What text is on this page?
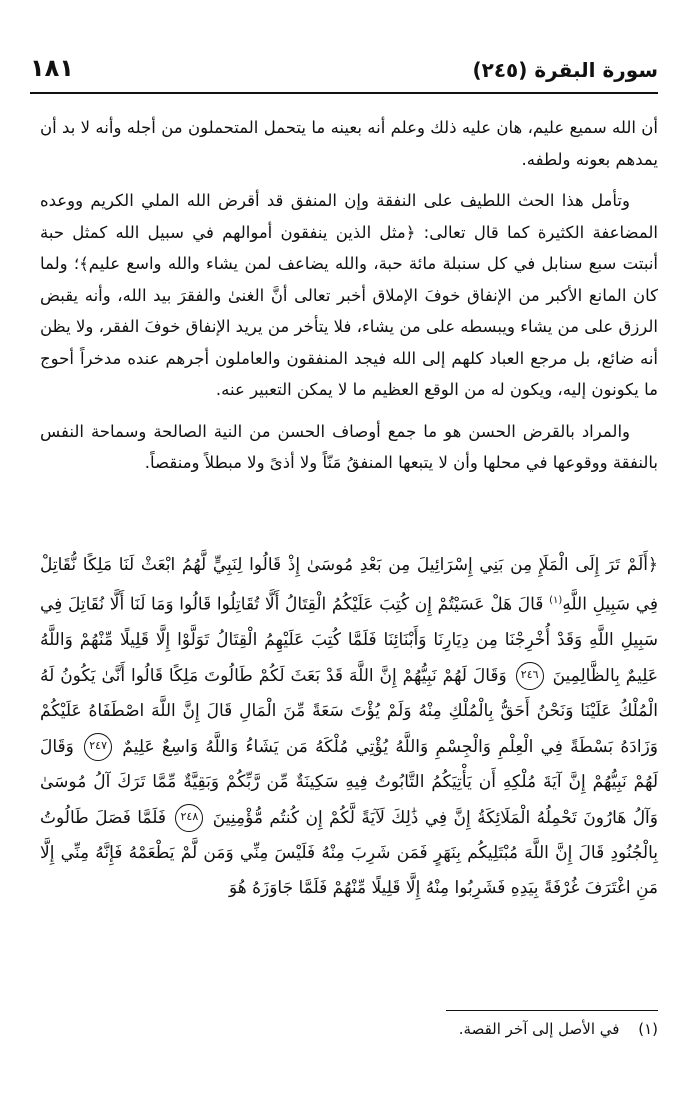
سورة البقرة (٢٤٥)
١٨١

أن الله سميع عليم، هان عليه ذلك وعلم أنه بعينه ما يتحمل المتحملون من أجله وأنه لا بد أن يمدهم بعونه ولطفه.

وتأمل هذا الحث اللطيف على النفقة وإن المنفق قد أقرض الله الملي الكريم ووعده المضاعفة الكثيرة كما قال تعالى: ﴿مثل الذين ينفقون أموالهم في سبيل الله كمثل حبة أنبتت سبع سنابل في كل سنبلة مائة حبة، والله يضاعف لمن يشاء والله واسع عليم﴾؛ ولما كان المانع الأكبر من الإنفاق خوفَ الإملاق أخبر تعالى أنَّ الغنىٰ والفقرَ بيد الله، وأنه يقبض الرزق على من يشاء ويبسطه على من يشاء، فلا يتأخر من يريد الإنفاق خوفَ الفقر، ولا يظن أنه ضائع، بل مرجع العباد كلهم إلى الله فيجد المنفقون والعاملون أجرهم عنده مدخراً أحوج ما يكونون إليه، ويكون له من الوقع العظيم ما لا يمكن التعبير عنه.

والمراد بالقرض الحسن هو ما جمع أوصاف الحسن من النية الصالحة وسماحة النفس بالنفقة ووقوعها في محلها وأن لا يتبعها المنفقُ مَنّاً ولا أذىً ولا مبطلاً ومنقصاً.

﴿أَلَمْ تَرَ إِلَى الْمَلَإِ مِن بَنِي إِسْرَائِيلَ مِن بَعْدِ مُوسَىٰ إِذْ قَالُوا لِنَبِيٍّ لَّهُمُ ابْعَثْ لَنَا مَلِكًا نُّقَاتِلْ فِي سَبِيلِ اللَّهِ$^{(١)}$ قَالَ هَلْ عَسَيْتُمْ إِن كُتِبَ عَلَيْكُمُ الْقِتَالُ أَلَّا تُقَاتِلُوا قَالُوا وَمَا لَنَا أَلَّا نُقَاتِلَ فِي سَبِيلِ اللَّهِ وَقَدْ أُخْرِجْنَا مِن دِيَارِنَا وَأَبْنَائِنَا فَلَمَّا كُتِبَ عَلَيْهِمُ الْقِتَالُ تَوَلَّوْا إِلَّا قَلِيلًا مِّنْهُمْ وَاللَّهُ عَلِيمٌ بِالظَّالِمِينَ ٢٤٦ وَقَالَ لَهُمْ نَبِيُّهُمْ إِنَّ اللَّهَ قَدْ بَعَثَ لَكُمْ طَالُوتَ مَلِكًا قَالُوا أَنَّىٰ يَكُونُ لَهُ الْمُلْكُ عَلَيْنَا وَنَحْنُ أَحَقُّ بِالْمُلْكِ مِنْهُ وَلَمْ يُؤْتَ سَعَةً مِّنَ الْمَالِ قَالَ إِنَّ اللَّهَ اصْطَفَاهُ عَلَيْكُمْ وَزَادَهُ بَسْطَةً فِي الْعِلْمِ وَالْجِسْمِ وَاللَّهُ يُؤْتِي مُلْكَهُ مَن يَشَاءُ وَاللَّهُ وَاسِعٌ عَلِيمٌ ٢٤٧ وَقَالَ لَهُمْ نَبِيُّهُمْ إِنَّ آيَةَ مُلْكِهِ أَن يَأْتِيَكُمُ التَّابُوتُ فِيهِ سَكِينَةٌ مِّن رَّبِّكُمْ وَبَقِيَّةٌ مِّمَّا تَرَكَ آلُ مُوسَىٰ وَآلُ هَارُونَ تَحْمِلُهُ الْمَلَائِكَةُ إِنَّ فِي ذَٰلِكَ لَآيَةً لَّكُمْ إِن كُنتُم مُّؤْمِنِينَ ٢٤٨ فَلَمَّا فَصَلَ طَالُوتُ بِالْجُنُودِ قَالَ إِنَّ اللَّهَ مُبْتَلِيكُم بِنَهَرٍ فَمَن شَرِبَ مِنْهُ فَلَيْسَ مِنِّي وَمَن لَّمْ يَطْعَمْهُ فَإِنَّهُ مِنِّي إِلَّا مَنِ اغْتَرَفَ غُرْفَةً بِيَدِهِ فَشَرِبُوا مِنْهُ إِلَّا قَلِيلًا مِّنْهُمْ فَلَمَّا جَاوَزَهُ هُوَ
(١) في الأصل إلى آخر القصة.
